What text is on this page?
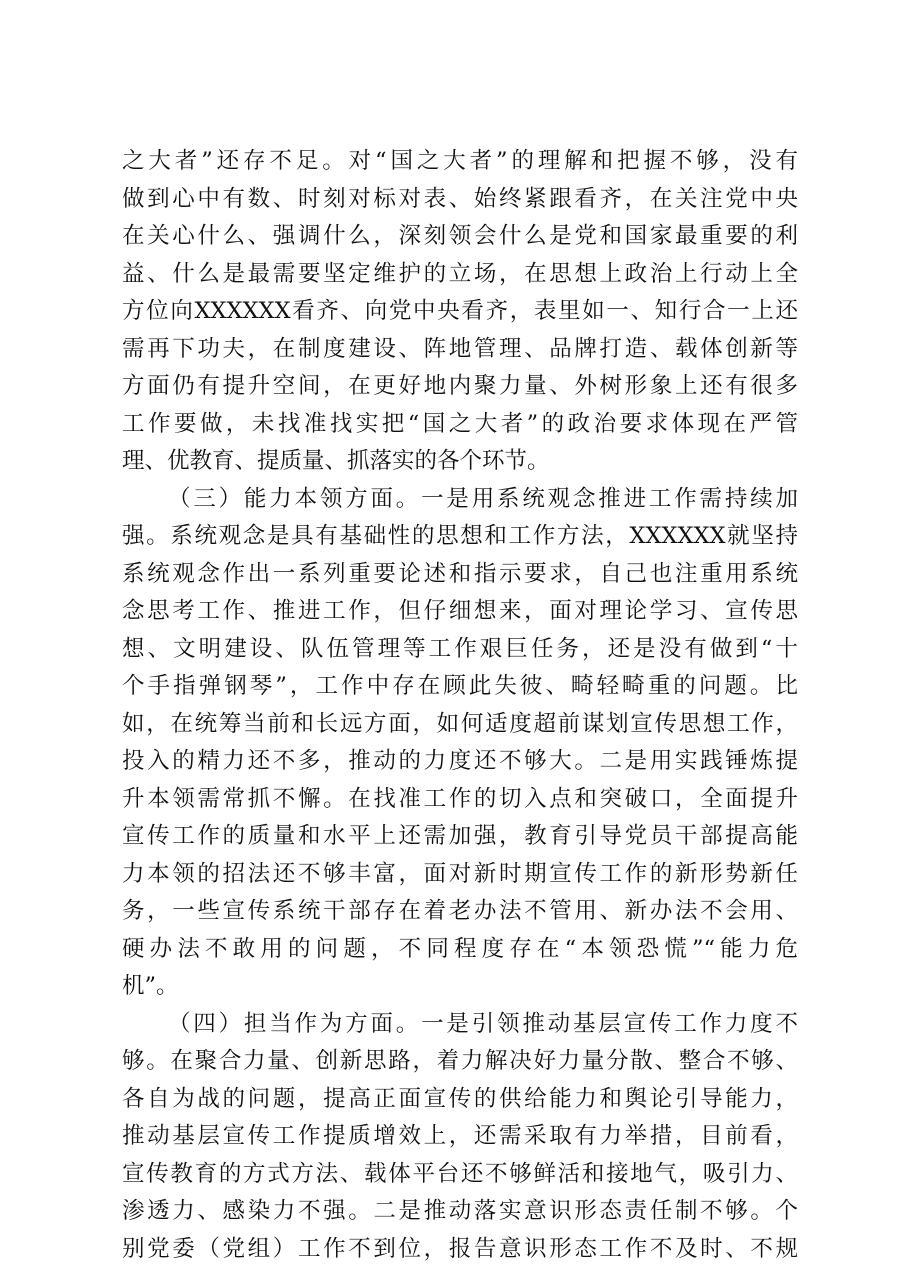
之大者”还存不足。对“国之大者”的理解和把握不够，没有
做到心中有数、时刻对标对表、始终紧跟看齐，在关注党中央
在关心什么、强调什么，深刻领会什么是党和国家最重要的利
益、什么是最需要坚定维护的立场，在思想上政治上行动上全
方位向XXXXXX看齐、向党中央看齐，表里如一、知行合一上还
需再下功夫，在制度建设、阵地管理、品牌打造、载体创新等
方面仍有提升空间，在更好地内聚力量、外树形象上还有很多
工作要做，未找准找实把“国之大者”的政治要求体现在严管
理、优教育、提质量、抓落实的各个环节。
（三）能力本领方面。一是用系统观念推进工作需持续加
强。系统观念是具有基础性的思想和工作方法，XXXXXX就坚持
系统观念作出一系列重要论述和指示要求，自己也注重用系统
念思考工作、推进工作，但仔细想来，面对理论学习、宣传思
想、文明建设、队伍管理等工作艰巨任务，还是没有做到“十
个手指弹钢琴”，工作中存在顾此失彼、畸轻畸重的问题。比
如，在统筹当前和长远方面，如何适度超前谋划宣传思想工作，
投入的精力还不多，推动的力度还不够大。二是用实践锤炼提
升本领需常抓不懈。在找准工作的切入点和突破口，全面提升
宣传工作的质量和水平上还需加强，教育引导党员干部提高能
力本领的招法还不够丰富，面对新时期宣传工作的新形势新任
务，一些宣传系统干部存在着老办法不管用、新办法不会用、
硬办法不敢用的问题，不同程度存在“本领恐慌”“能力危
机”。
（四）担当作为方面。一是引领推动基层宣传工作力度不
够。在聚合力量、创新思路，着力解决好力量分散、整合不够、
各自为战的问题，提高正面宣传的供给能力和舆论引导能力，
推动基层宣传工作提质增效上，还需采取有力举措，目前看，
宣传教育的方式方法、载体平台还不够鲜活和接地气，吸引力、
渗透力、感染力不强。二是推动落实意识形态责任制不够。个
别党委（党组）工作不到位，报告意识形态工作不及时、不规
